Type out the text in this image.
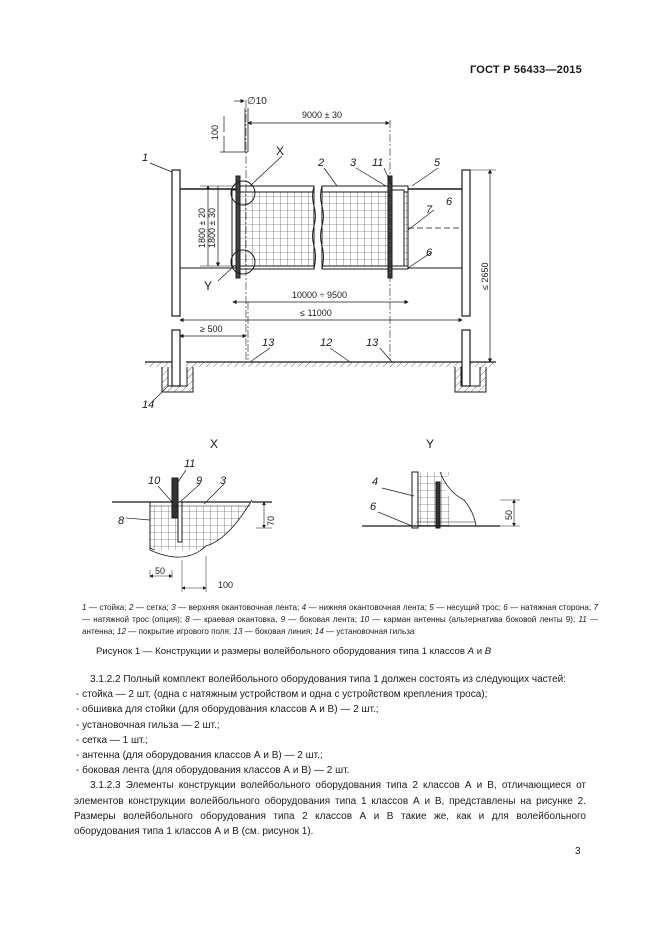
ГОСТ Р 56433—2015
∅10
100
9000 ± 30
1800 ± 20 1800 ± 30
10000 ÷ 9500
≤ 11000
≥ 500
≤ 2650
1	2 3 11	5
6
7
6
13	12	13
14
X
Y
X
10
11
9 3
8	70
50
100
Y
4
6
50
1 — стойка; 2 — сетка; 3 — верхняя окантовочная лента; 4 — нижняя окантовочная лента; 5 — несущий трос; 6 — натяжная сторона; 7 — натяжной трос (опция); 8 — краевая окантовка, 9 — боковая лента; 10 — карман антенны (альтернатива боковой ленты 9); 11 — антенна; 12 — покрытие игрового поля; 13 — боковая линия; 14 — установочная гильза
Рисунок 1 — Конструкции и размеры волейбольного оборудования типа 1 классов А и В

3.1.2.2 Полный комплект волейбольного оборудования типа 1 должен состоять из следующих частей:

- стойка — 2 шт. (одна с натяжным устройством и одна с устройством крепления троса);
- обшивка для стойки (для оборудования классов А и В) — 2 шт.;
- установочная гильза — 2 шт.;
- сетка — 1 шт.;
- антенна (для оборудования классов А и В) — 2 шт.;
- боковая лента (для оборудования классов А и В) — 2 шт.

3.1.2.3 Элементы конструкции волейбольного оборудования типа 2 классов А и В, отличающиеся от элементов конструкции волейбольного оборудования типа 1 классов А и В, представлены на рисунке 2. Размеры волейбольного оборудования типа 2 классов А и В такие же, как и для волейбольного оборудования типа 1 классов А и В (см. рисунок 1).

3
